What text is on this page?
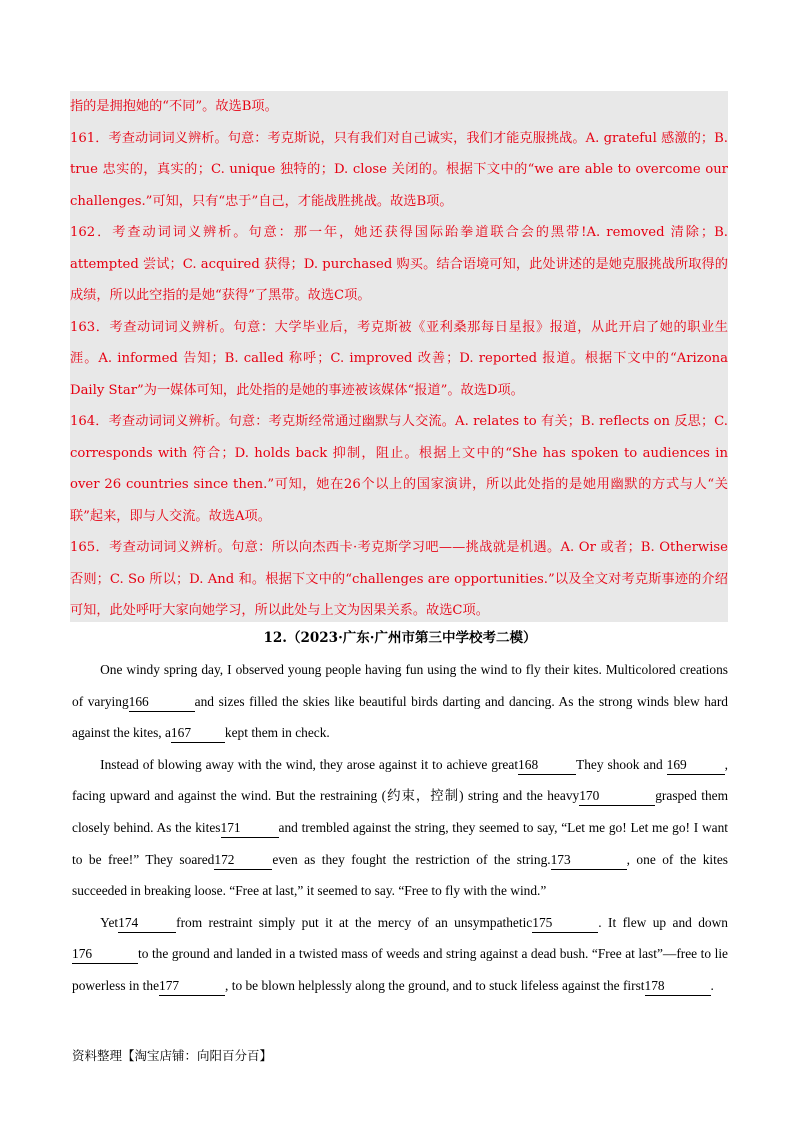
指的是拥抱她的“不同”。故选B项。

161．考查动词词义辨析。句意：考克斯说，只有我们对自己诚实，我们才能克服挑战。A. grateful 感激的；B. true 忠实的，真实的；C. unique 独特的；D. close 关闭的。根据下文中的“we are able to overcome our challenges.”可知，只有“忠于”自己，才能战胜挑战。故选B项。

162．考查动词词义辨析。句意：那一年，她还获得国际跆拳道联合会的黑带!A. removed 清除；B. attempted 尝试；C. acquired 获得；D. purchased 购买。结合语境可知，此处讲述的是她克服挑战所取得的成绩，所以此空指的是她“获得”了黑带。故选C项。

163．考查动词词义辨析。句意：大学毕业后，考克斯被《亚利桑那每日星报》报道，从此开启了她的职业生涯。A. informed 告知；B. called 称呼；C. improved 改善；D. reported 报道。根据下文中的“Arizona Daily Star”为一媒体可知，此处指的是她的事迹被该媒体“报道”。故选D项。

164．考查动词词义辨析。句意：考克斯经常通过幽默与人交流。A. relates to 有关；B. reflects on 反思；C. corresponds with 符合；D. holds back 抑制，阻止。根据上文中的“She has spoken to audiences in over 26 countries since then.”可知，她在26个以上的国家演讲，所以此处指的是她用幽默的方式与人“关联”起来，即与人交流。故选A项。

165．考查动词词义辨析。句意：所以向杰西卡·考克斯学习吧——挑战就是机遇。A. Or 或者；B. Otherwise 否则；C. So 所以；D. And 和。根据下文中的“challenges are opportunities.”以及全文对考克斯事迹的介绍可知，此处呼吁大家向她学习，所以此处与上文为因果关系。故选C项。

12.（2023·广东·广州市第三中学校考二模）

One windy spring day, I observed young people having fun using the wind to fly their kites. Multicolored creations of varying166	and sizes filled the skies like beautiful birds darting and dancing. As the strong winds blew hard against the kites, a167	kept them in check.

Instead of blowing away with the wind, they arose against it to achieve great168	They shook and 169	, facing upward and against the wind. But the restraining (约束，控制) string and the heavy170	grasped them closely behind. As the kites171	and trembled against the string, they seemed to say, “Let me go! Let me go! I want to be free!” They soared172	even as they fought the restriction of the string.173	, one of the kites succeeded in breaking loose. “Free at last,” it seemed to say. “Free to fly with the wind.”

Yet174	from restraint simply put it at the mercy of an unsympathetic175	. It flew up and down176	to the ground and landed in a twisted mass of weeds and string against a dead bush. “Free at last”—free to lie powerless in the177	, to be blown helplessly along the ground, and to stuck lifeless against the first178	.

资料整理【淘宝店铺：向阳百分百】
